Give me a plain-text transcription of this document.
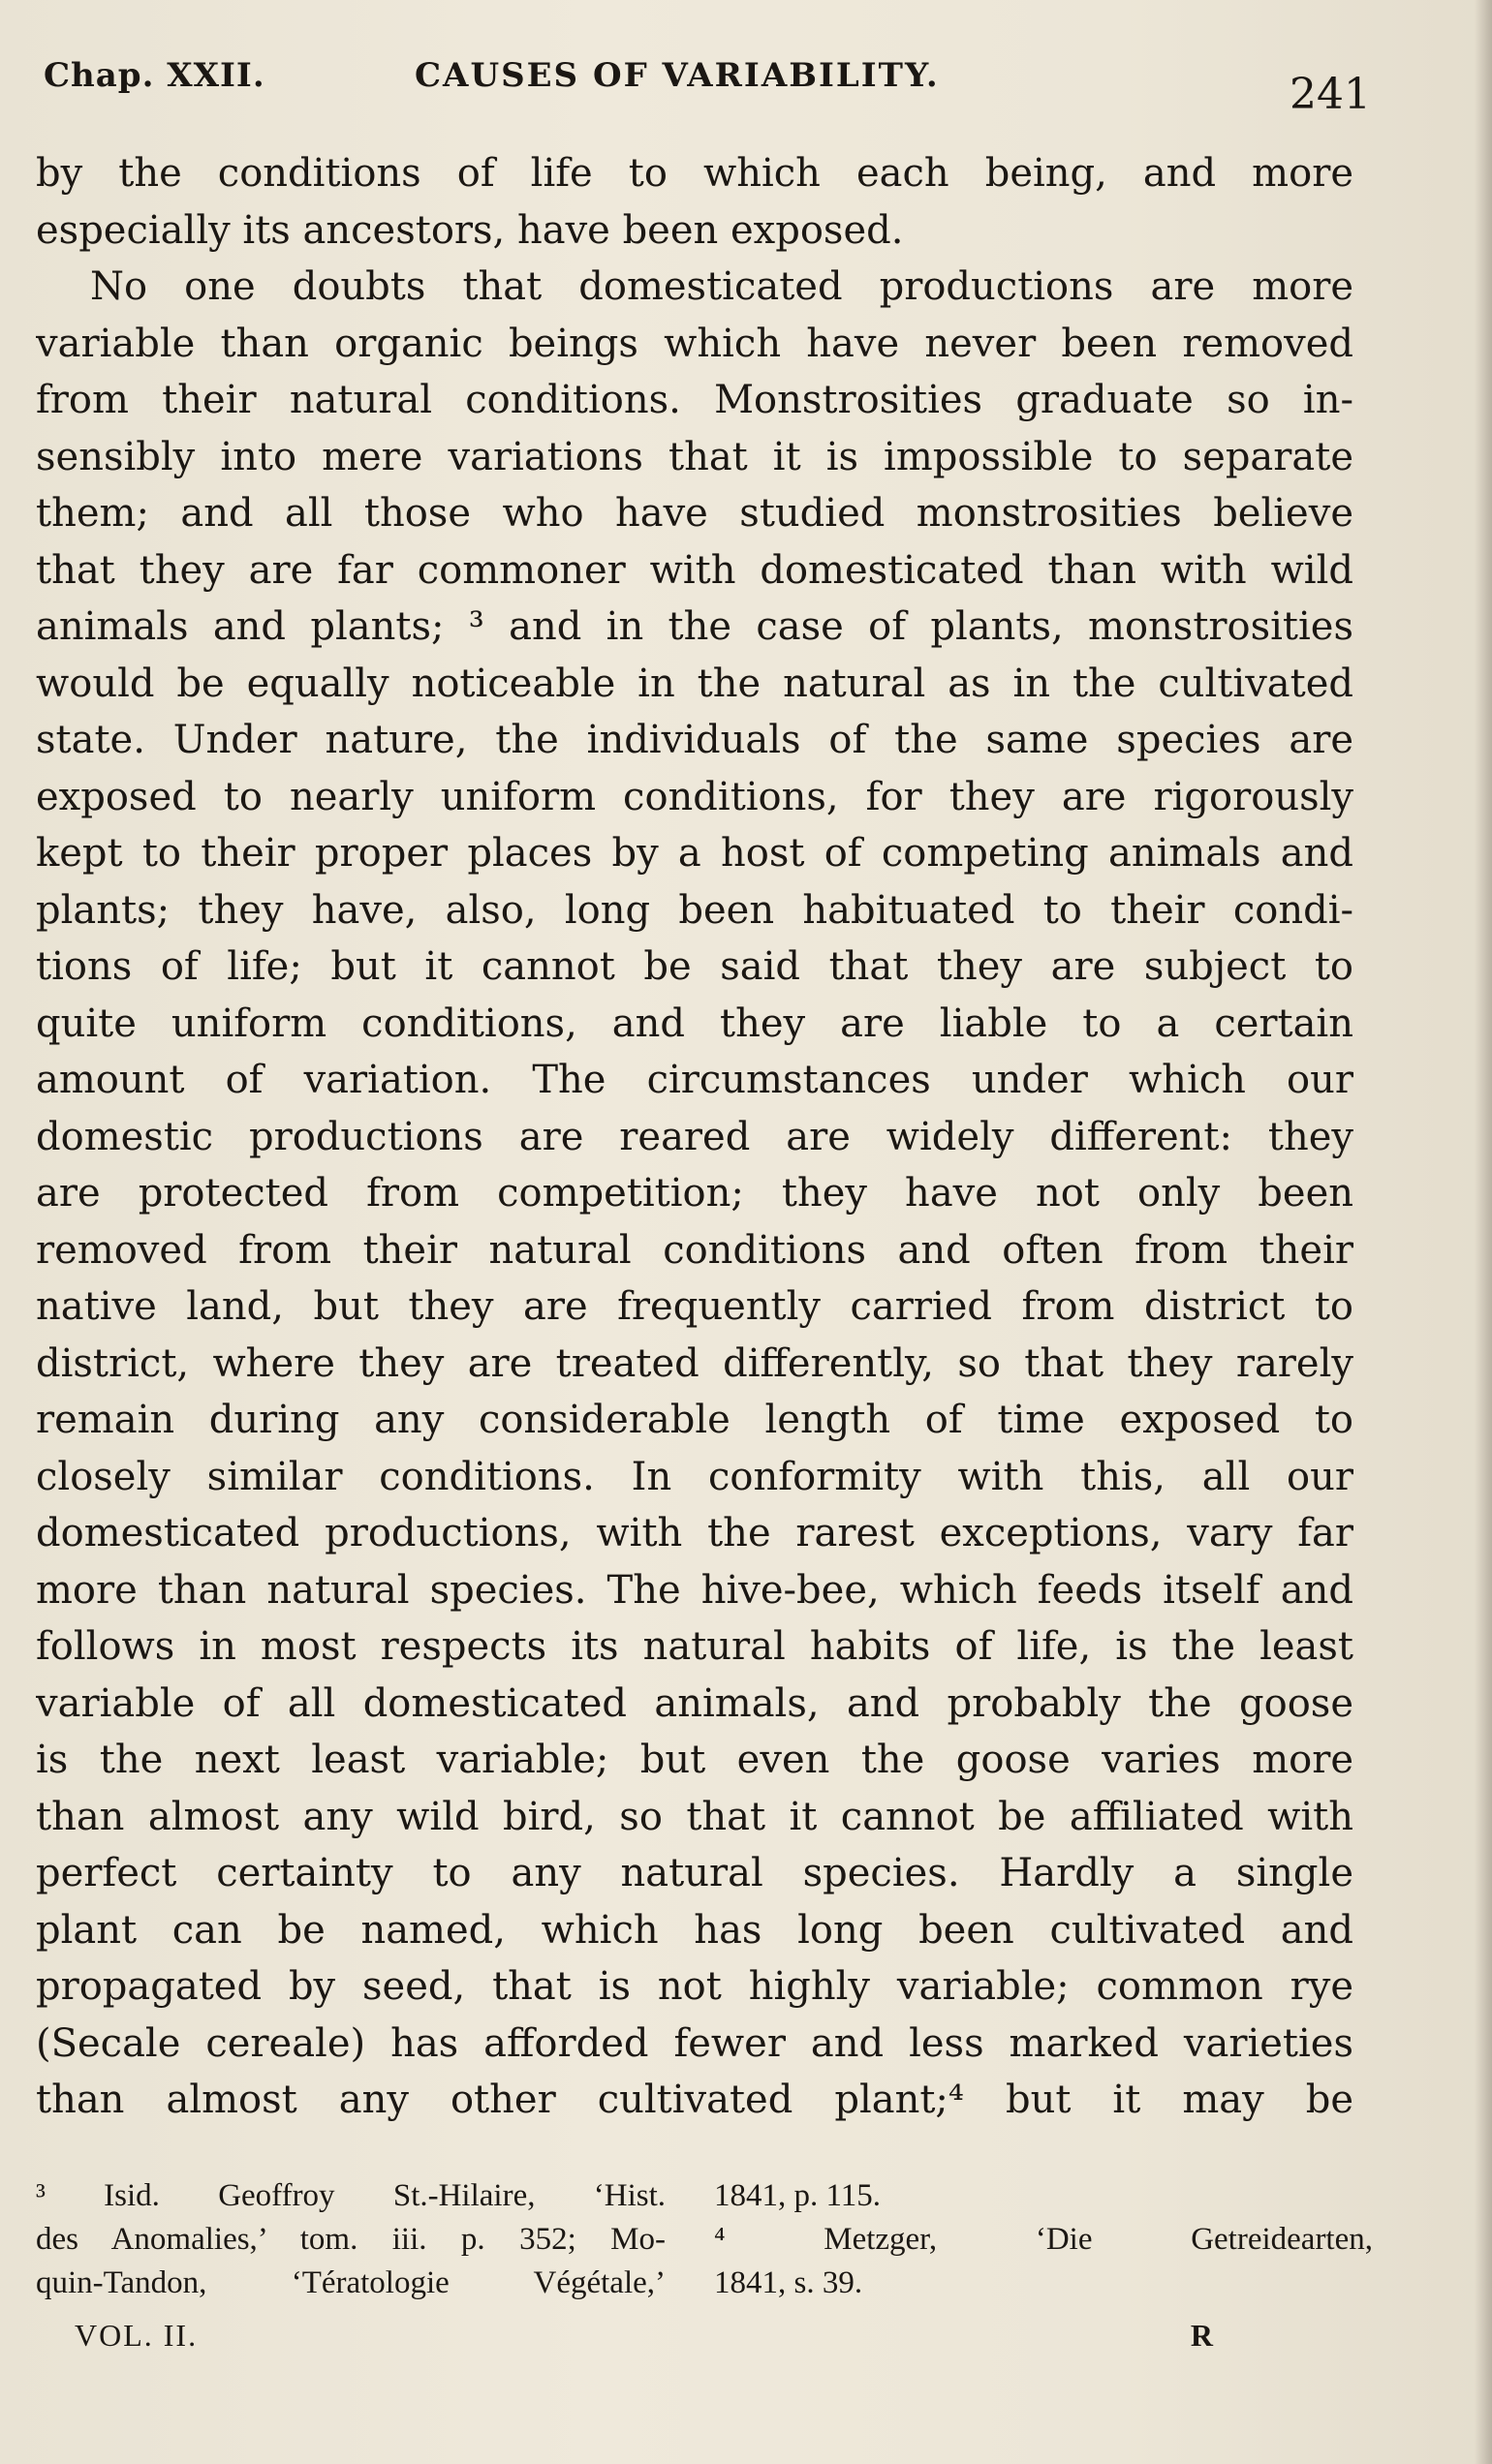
Chap. XXII.	CAUSES OF VARIABILITY.	241
by the conditions of life to which each being, and more
especially its ancestors, have been exposed.
No one doubts that domesticated productions are more
variable than organic beings which have never been removed
from their natural conditions. Monstrosities graduate so in-
sensibly into mere variations that it is impossible to separate
them; and all those who have studied monstrosities believe
that they are far commoner with domesticated than with wild
animals and plants; ³ and in the case of plants, monstrosities
would be equally noticeable in the natural as in the cultivated
state. Under nature, the individuals of the same species are
exposed to nearly uniform conditions, for they are rigorously
kept to their proper places by a host of competing animals and
plants; they have, also, long been habituated to their condi-
tions of life; but it cannot be said that they are subject to
quite uniform conditions, and they are liable to a certain
amount of variation. The circumstances under which our
domestic productions are reared are widely different: they
are protected from competition; they have not only been
removed from their natural conditions and often from their
native land, but they are frequently carried from district to
district, where they are treated differently, so that they rarely
remain during any considerable length of time exposed to
closely similar conditions. In conformity with this, all our
domesticated productions, with the rarest exceptions, vary far
more than natural species. The hive-bee, which feeds itself and
follows in most respects its natural habits of life, is the least
variable of all domesticated animals, and probably the goose
is the next least variable; but even the goose varies more
than almost any wild bird, so that it cannot be affiliated with
perfect certainty to any natural species. Hardly a single
plant can be named, which has long been cultivated and
propagated by seed, that is not highly variable; common rye
(Secale cereale) has afforded fewer and less marked varieties
than almost any other cultivated plant;⁴ but it may be
³ Isid. Geoffroy St.-Hilaire, ‘Hist.
des Anomalies,’ tom. iii. p. 352; Mo-
quin-Tandon, ‘Tératologie Végétale,’
1841, p. 115.
⁴ Metzger, ‘Die Getreidearten,
1841, s. 39.
VOL. II.	R
